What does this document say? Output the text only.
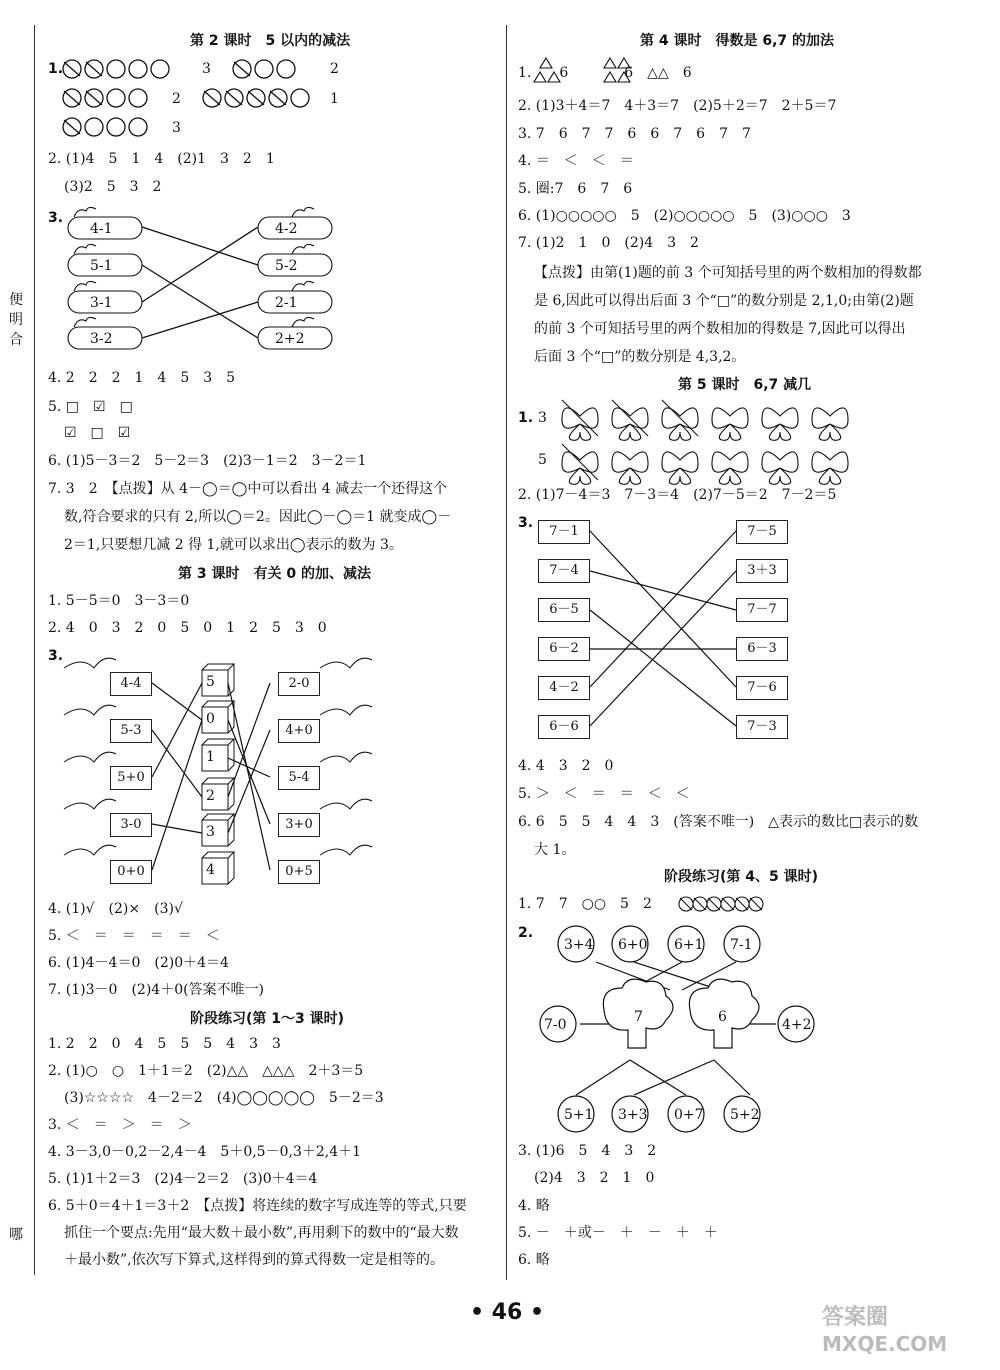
便明合
哪
第 2 课时　5 以内的减法
1.	3	2
2	1
3
2. (1)4　5　1　4　(2)1　3　2　1
(3)2　5　3　2
3.
4-1
5-1
3-1
3-2
4-2
5-2
2-1
2+2
4. 2　2　2　1　4　5　3　5
5. □　☑　□
☑　□　☑
6. (1)5－3＝2　5－2＝3　(2)3－1＝2　3－2＝1
7. 3　2　【点拨】从 4－◯＝◯中可以看出 4 减去一个还得这个
数,符合要求的只有 2,所以◯＝2。因此◯－◯＝1 就变成◯－
2＝1,只要想几减 2 得 1,就可以求出◯表示的数为 3。
第 3 课时　有关 0 的加、减法
1. 5－5＝0　3－3＝0
2. 4　0　3　2　0　5　0　1　2　5　3　0
3.
4-4
5-3
5+0
3-0
0+0
5
0
1
2
3
4
2-0
4+0
5-4
3+0
0+5
4. (1)√　(2)×　(3)√
5. ＜　＝　＝　＝　＝　＜
6. (1)4－4＝0　(2)0＋4＝4
7. (1)3－0　(2)4＋0(答案不唯一)
阶段练习(第 1～3 课时)
1. 2　2　0　4　5　5　5　4　3　3
2. (1)○　○　1＋1＝2　(2)△△　△△△　2＋3＝5
(3)☆☆☆☆　4－2＝2　(4)◯◯◯◯◯　5－2＝3
3. ＜　＝　＞　＝　＞
4. 3－3,0－0,2－2,4－4　5＋0,5－0,3＋2,4＋1
5. (1)1＋2＝3　(2)4－2＝2　(3)0＋4＝4
6. 5＋0＝4＋1＝3＋2　【点拨】将连续的数字写成连等的等式,只要
抓住一个要点:先用“最大数＋最小数”,再用剩下的数中的“最大数
＋最小数”,依次写下算式,这样得到的算式得数一定是相等的。
第 4 课时　得数是 6,7 的加法
1.　　6　　　　6　△△　6
2. (1)3＋4＝7　4＋3＝7　(2)5＋2＝7　2＋5＝7
3. 7　6　7　7　6　6　7　6　7　7
4. ＝　＜　＜　＝
5. 圈:7　6　7　6
6. (1)○○○○○　5　(2)○○○○○　5　(3)○○○　3
7. (1)2　1　0　(2)4　3　2
【点拨】由第(1)题的前 3 个可知括号里的两个数相加的得数都
是 6,因此可以得出后面 3 个“□”的数分别是 2,1,0;由第(2)题
的前 3 个可知括号里的两个数相加的得数是 7,因此可以得出
后面 3 个“□”的数分别是 4,3,2。
第 5 课时　6,7 减几
1. 3
5
2. (1)7－4＝3　7－3＝4　(2)7－5＝2　7－2＝5
3.
7－1
7－4
6－5
6－2
4－2
6－6
7－5
3＋3
7－7
6－3
7－6
7－3
4. 4　3　2　0
5. ＞　＜　＝　＝　＜　＜
6. 6　5　5　4　4　3　(答案不唯一)　△表示的数比□表示的数
大 1。
阶段练习(第 4、5 课时)
1. 7　7　○○　5　2
2.
3+4 6+0 6+1 7-1
7-0	7	6	4+2
5+1 3+3 0+7 5+2
3. (1)6　5　4　3　2
(2)4　3　2　1　0
4. 略
5. －　＋或－　＋　－　＋　＋
6. 略
• 46 •	答案圈
MXQE.COM
